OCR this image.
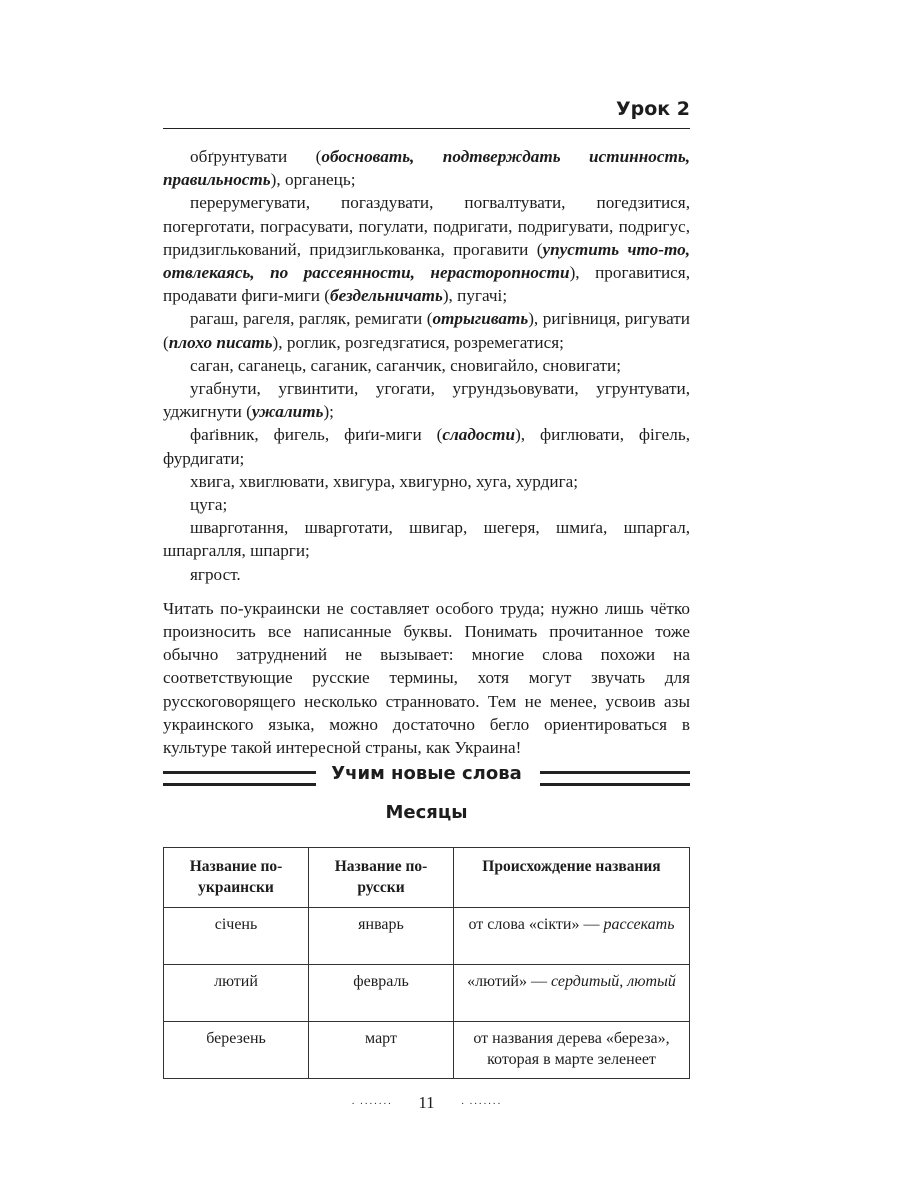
Урок 2

обґрунтувати (обосновать, подтверждать истинность, правильность), органець;

перерумегувати, погаздувати, погвалтувати, погедзитися, погерготати, пограсувати, погулати, подригати, подригувати, подригус, придзиглькований, придзиглькованка, прогавити (упустить что-то, отвлекаясь, по рассеянности, нерасторопности), прогавитися, продавати фиги-миги (бездельничать), пугачі;

рагаш, рагеля, рагляк, ремигати (отрыгивать), ригівниця, ригувати (плохо писать), роглик, розгедзгатися, розремегатися;

саган, саганець, саганик, саганчик, сновигайло, сновигати;

угабнути, угвинтити, угогати, угрундзьовувати, угрунтувати, уджигнути (ужалить);

фаґівник, фигель, фиґи-миги (сладости), фиглювати, фігель, фурдигати;

хвига, хвиглювати, хвигура, хвигурно, хуга, хурдига;

цуга;

шварготання, шварготати, швигар, шегеря, шмиґа, шпаргал, шпаргалля, шпарги;

ягрост.

Читать по-украински не составляет особого труда; нужно лишь чётко произносить все написанные буквы. Понимать прочитанное тоже обычно затруднений не вызывает: многие слова похожи на соответствующие русские термины, хотя могут звучать для русскоговорящего несколько странновато. Тем не менее, усвоив азы украинского языка, можно достаточно бегло ориентироваться в культуре такой интересной страны, как Украина!

Учим новые слова
Месяцы
Название по-украински	Название по-русски	Происхождение названия
січень	январь	от слова «сікти» — рассекать
лютий	февраль	«лютий» — сердитый, лютый
березень	март	от названия дерева «береза», которая в марте зеленеет
· ······· 11 · ·······
